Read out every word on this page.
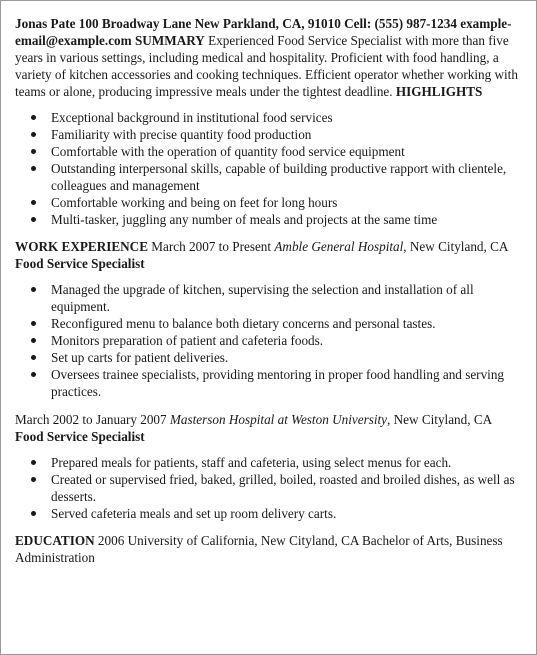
Jonas Pate 100 Broadway Lane New Parkland, CA, 91010 Cell: (555) 987-1234 example-email@example.com SUMMARY Experienced Food Service Specialist with more than five years in various settings, including medical and hospitality. Proficient with food handling, a variety of kitchen accessories and cooking techniques. Efficient operator whether working with teams or alone, producing impressive meals under the tightest deadline. HIGHLIGHTS

Exceptional background in institutional food services
Familiarity with precise quantity food production
Comfortable with the operation of quantity food service equipment
Outstanding interpersonal skills, capable of building productive rapport with clientele, colleagues and management
Comfortable working and being on feet for long hours
Multi-tasker, juggling any number of meals and projects at the same time

WORK EXPERIENCE March 2007 to Present Amble General Hospital, New Cityland, CA Food Service Specialist

Managed the upgrade of kitchen, supervising the selection and installation of all equipment.
Reconfigured menu to balance both dietary concerns and personal tastes.
Monitors preparation of patient and cafeteria foods.
Set up carts for patient deliveries.
Oversees trainee specialists, providing mentoring in proper food handling and serving practices.

March 2002 to January 2007 Masterson Hospital at Weston University, New Cityland, CA Food Service Specialist

Prepared meals for patients, staff and cafeteria, using select menus for each.
Created or supervised fried, baked, grilled, boiled, roasted and broiled dishes, as well as desserts.
Served cafeteria meals and set up room delivery carts.

EDUCATION 2006 University of California, New Cityland, CA Bachelor of Arts, Business Administration
